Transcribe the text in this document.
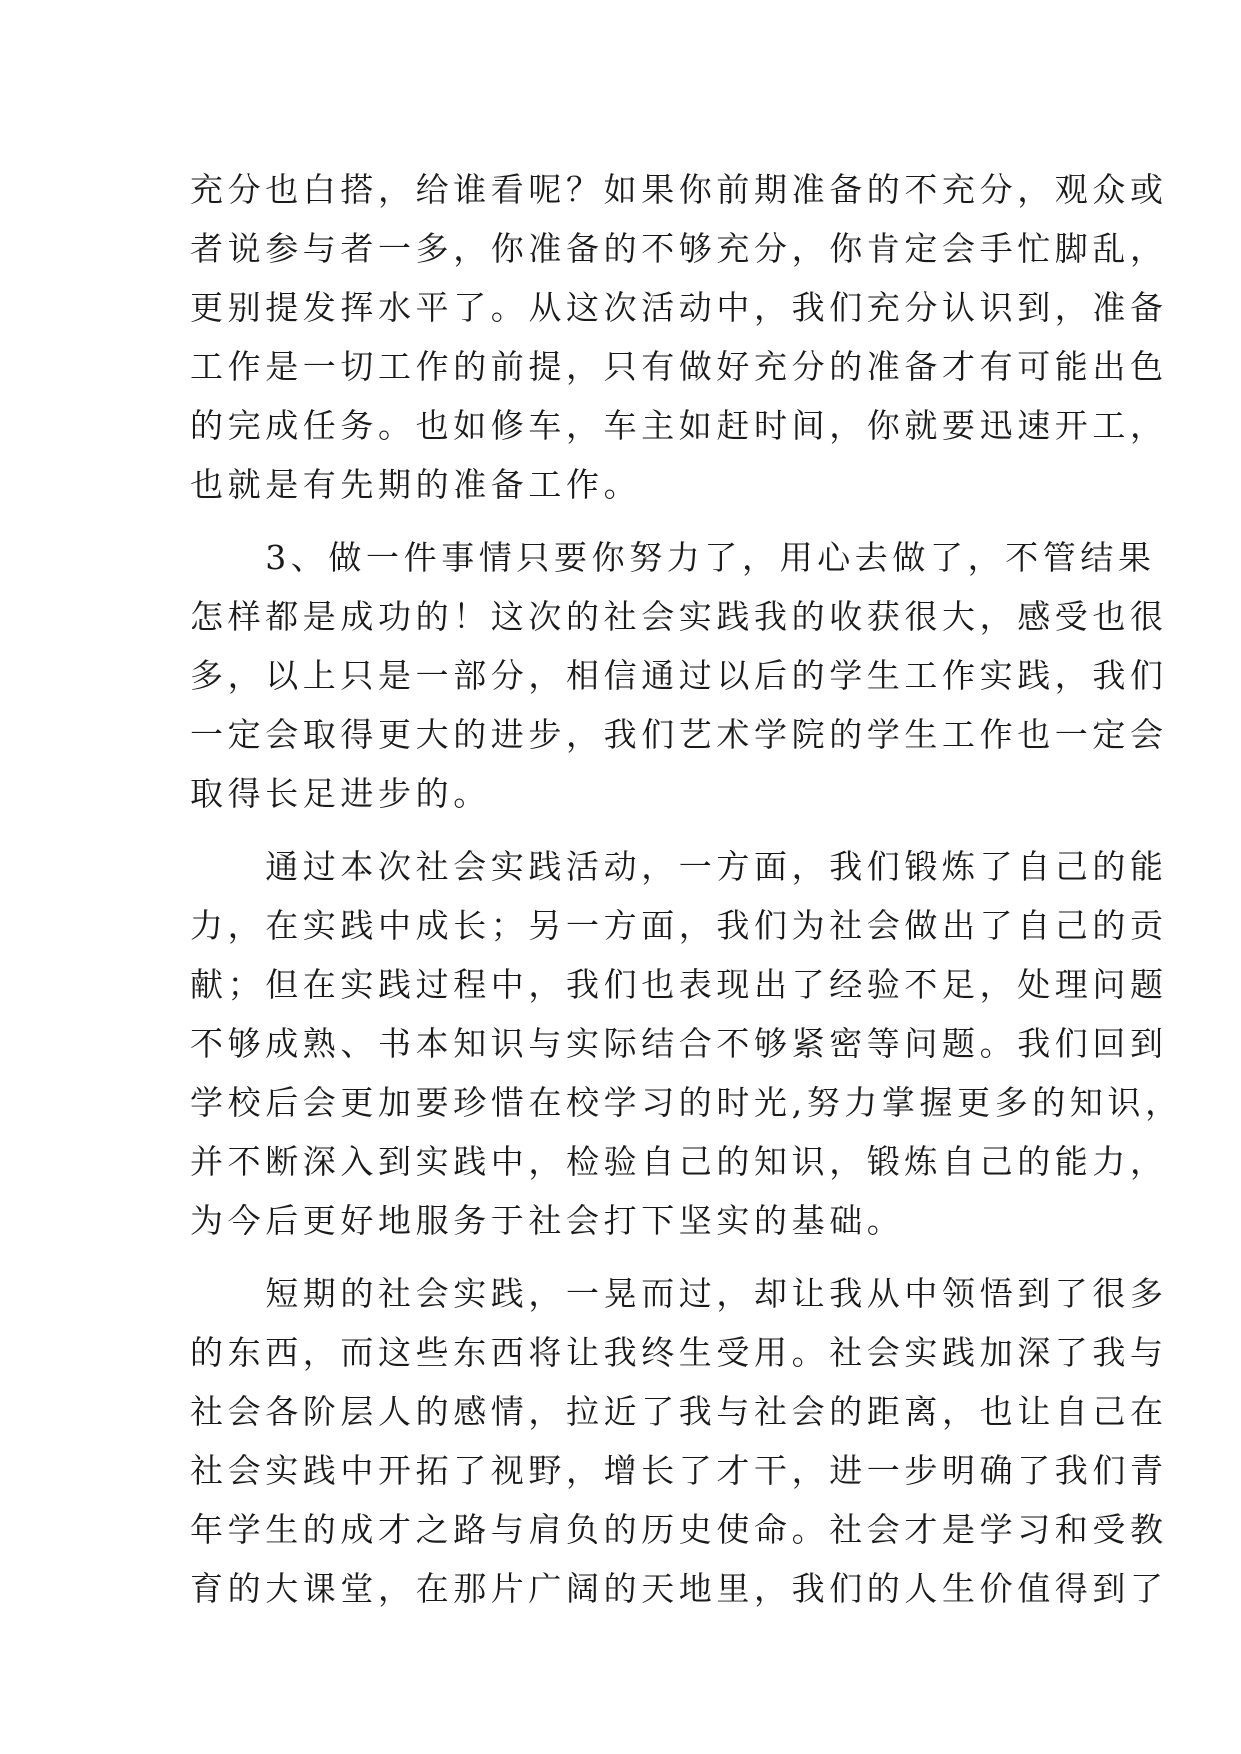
充分也白搭，给谁看呢？如果你前期准备的不充分，观众或
者说参与者一多，你准备的不够充分，你肯定会手忙脚乱，
更别提发挥水平了。从这次活动中，我们充分认识到，准备
工作是一切工作的前提，只有做好充分的准备才有可能出色
的完成任务。也如修车，车主如赶时间，你就要迅速开工，
也就是有先期的准备工作。
　　3、做一件事情只要你努力了，用心去做了，不管结果
怎样都是成功的！这次的社会实践我的收获很大，感受也很
多，以上只是一部分，相信通过以后的学生工作实践，我们
一定会取得更大的进步，我们艺术学院的学生工作也一定会
取得长足进步的。
　　通过本次社会实践活动，一方面，我们锻炼了自己的能
力，在实践中成长；另一方面，我们为社会做出了自己的贡
献；但在实践过程中，我们也表现出了经验不足，处理问题
不够成熟、书本知识与实际结合不够紧密等问题。我们回到
学校后会更加要珍惜在校学习的时光,努力掌握更多的知识，
并不断深入到实践中，检验自己的知识，锻炼自己的能力，
为今后更好地服务于社会打下坚实的基础。
　　短期的社会实践，一晃而过，却让我从中领悟到了很多
的东西，而这些东西将让我终生受用。社会实践加深了我与
社会各阶层人的感情，拉近了我与社会的距离，也让自己在
社会实践中开拓了视野，增长了才干，进一步明确了我们青
年学生的成才之路与肩负的历史使命。社会才是学习和受教
育的大课堂，在那片广阔的天地里，我们的人生价值得到了
